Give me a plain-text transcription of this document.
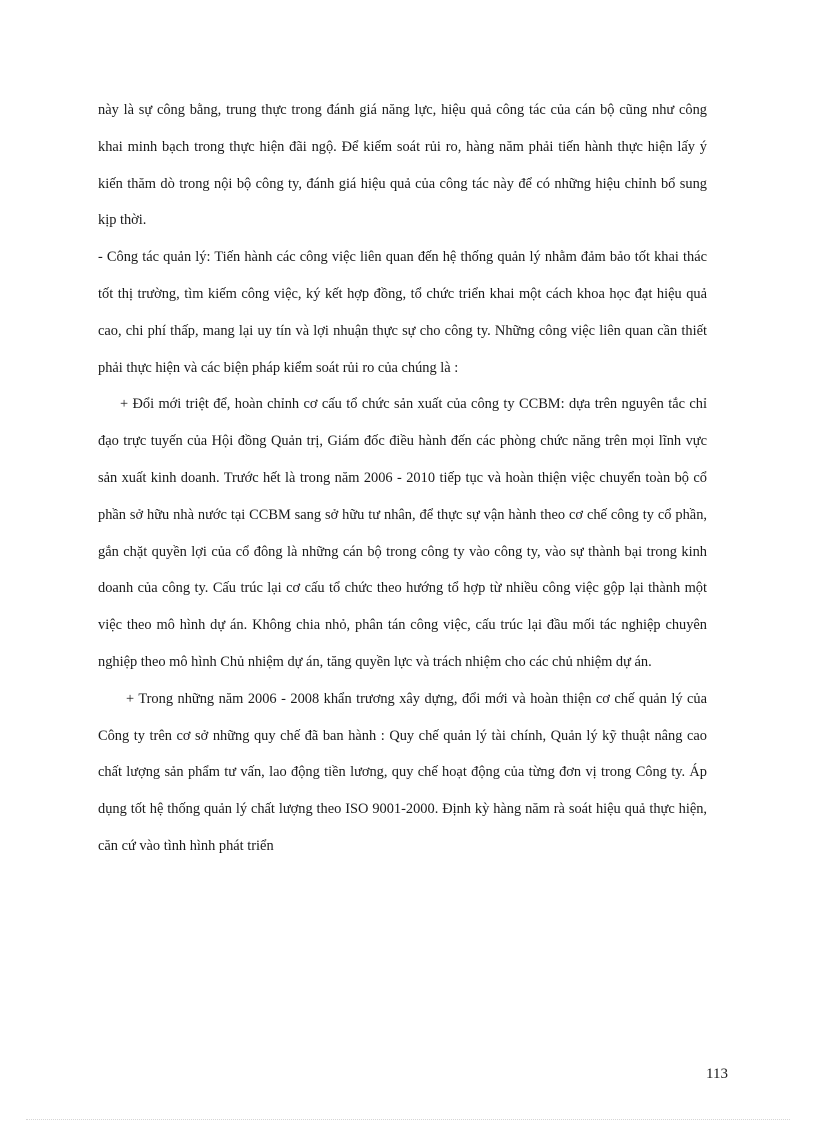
này là sự công bằng, trung thực trong đánh giá năng lực, hiệu quả công tác của cán bộ cũng như công khai minh bạch trong thực hiện đãi ngộ. Để kiểm soát rủi ro, hàng năm phải tiến hành thực hiện lấy ý kiến thăm dò trong nội bộ công ty, đánh giá hiệu quả của công tác này để có những hiệu chỉnh bổ sung kịp thời.

- Công tác quản lý: Tiến hành các công việc liên quan đến hệ thống quản lý nhằm đảm bảo tốt khai thác tốt thị trường, tìm kiếm công việc, ký kết hợp đồng, tổ chức triển khai một cách khoa học đạt hiệu quả cao, chi phí thấp, mang lại uy tín và lợi nhuận thực sự cho công ty. Những công việc liên quan cần thiết phải thực hiện và các biện pháp kiểm soát rủi ro của chúng là :

+ Đổi mới triệt để, hoàn chỉnh cơ cấu tổ chức sản xuất của công ty CCBM: dựa trên nguyên tắc chỉ đạo trực tuyến của Hội đồng Quản trị, Giám đốc điều hành đến các phòng chức năng trên mọi lĩnh vực sản xuất kinh doanh. Trước hết là trong năm 2006 - 2010 tiếp tục và hoàn thiện việc chuyển toàn bộ cổ phần sở hữu nhà nước tại CCBM sang sở hữu tư nhân, để thực sự vận hành theo cơ chế công ty cổ phần, gắn chặt quyền lợi của cổ đông là những cán bộ trong công ty vào công ty, vào sự thành bại trong kinh doanh của công ty. Cấu trúc lại cơ cấu tổ chức theo hướng tổ hợp từ nhiều công việc gộp lại thành một việc theo mô hình dự án. Không chia nhỏ, phân tán công việc, cấu trúc lại đầu mối tác nghiệp chuyên nghiệp theo mô hình Chủ nhiệm dự án, tăng quyền lực và trách nhiệm cho các chủ nhiệm dự án.

+ Trong những năm 2006 - 2008 khẩn trương xây dựng, đổi mới và hoàn thiện cơ chế quản lý của Công ty trên cơ sở những quy chế đã ban hành : Quy chế quản lý tài chính, Quản lý kỹ thuật nâng cao chất lượng sản phẩm tư vấn, lao động tiền lương, quy chế hoạt động của từng đơn vị trong Công ty. Áp dụng tốt hệ thống quản lý chất lượng theo ISO 9001-2000. Định kỳ hàng năm rà soát hiệu quả thực hiện, căn cứ vào tình hình phát triển

113
